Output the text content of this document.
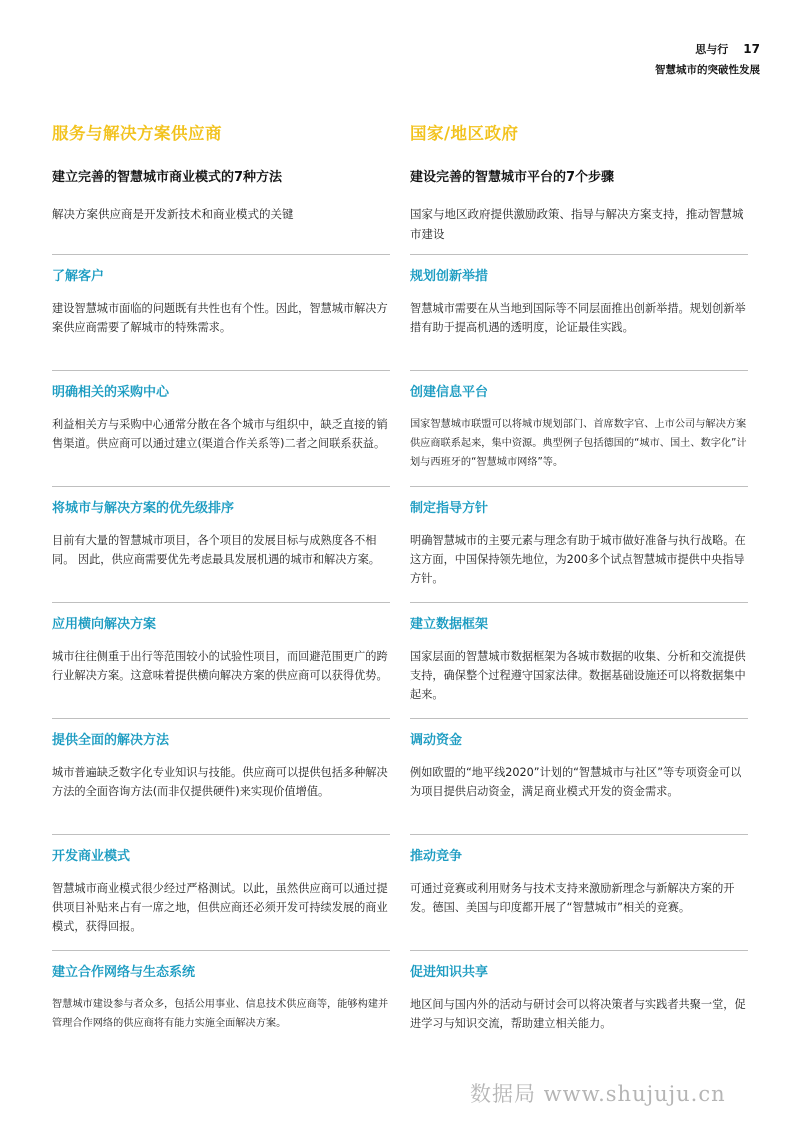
思与行 17
智慧城市的突破性发展
服务与解决方案供应商
建立完善的智慧城市商业模式的7种方法
解决方案供应商是开发新技术和商业模式的关键
了解客户
建设智慧城市面临的问题既有共性也有个性。因此，智慧城市解决方案供应商需要了解城市的特殊需求。
明确相关的采购中心
利益相关方与采购中心通常分散在各个城市与组织中，缺乏直接的销售渠道。供应商可以通过建立(渠道合作关系等)二者之间联系获益。
将城市与解决方案的优先级排序
目前有大量的智慧城市项目，各个项目的发展目标与成熟度各不相同。 因此，供应商需要优先考虑最具发展机遇的城市和解决方案。
应用横向解决方案
城市往往侧重于出行等范围较小的试验性项目，而回避范围更广的跨行业解决方案。这意味着提供横向解决方案的供应商可以获得优势。
提供全面的解决方法
城市普遍缺乏数字化专业知识与技能。供应商可以提供包括多种解决方法的全面咨询方法(而非仅提供硬件)来实现价值增值。
开发商业模式
智慧城市商业模式很少经过严格测试。以此，虽然供应商可以通过提供项目补贴来占有一席之地，但供应商还必须开发可持续发展的商业模式，获得回报。
建立合作网络与生态系统
智慧城市建设参与者众多，包括公用事业、信息技术供应商等，能够构建并管理合作网络的供应商将有能力实施全面解决方案。
国家/地区政府
建设完善的智慧城市平台的7个步骤
国家与地区政府提供激励政策、指导与解决方案支持，推动智慧城市建设
规划创新举措
智慧城市需要在从当地到国际等不同层面推出创新举措。规划创新举措有助于提高机遇的透明度，论证最佳实践。
创建信息平台
国家智慧城市联盟可以将城市规划部门、首席数字官、上市公司与解决方案供应商联系起来，集中资源。典型例子包括德国的“城市、国土、数字化”计划与西班牙的“智慧城市网络”等。
制定指导方针
明确智慧城市的主要元素与理念有助于城市做好准备与执行战略。在这方面，中国保持领先地位，为200多个试点智慧城市提供中央指导方针。
建立数据框架
国家层面的智慧城市数据框架为各城市数据的收集、分析和交流提供支持，确保整个过程遵守国家法律。数据基础设施还可以将数据集中起来。
调动资金
例如欧盟的“地平线2020”计划的“智慧城市与社区”等专项资金可以为项目提供启动资金，满足商业模式开发的资金需求。
推动竞争
可通过竞赛或利用财务与技术支持来激励新理念与新解决方案的开发。德国、美国与印度都开展了“智慧城市”相关的竞赛。
促进知识共享
地区间与国内外的活动与研讨会可以将决策者与实践者共聚一堂，促进学习与知识交流，帮助建立相关能力。
数据局 www.shujuju.cn
